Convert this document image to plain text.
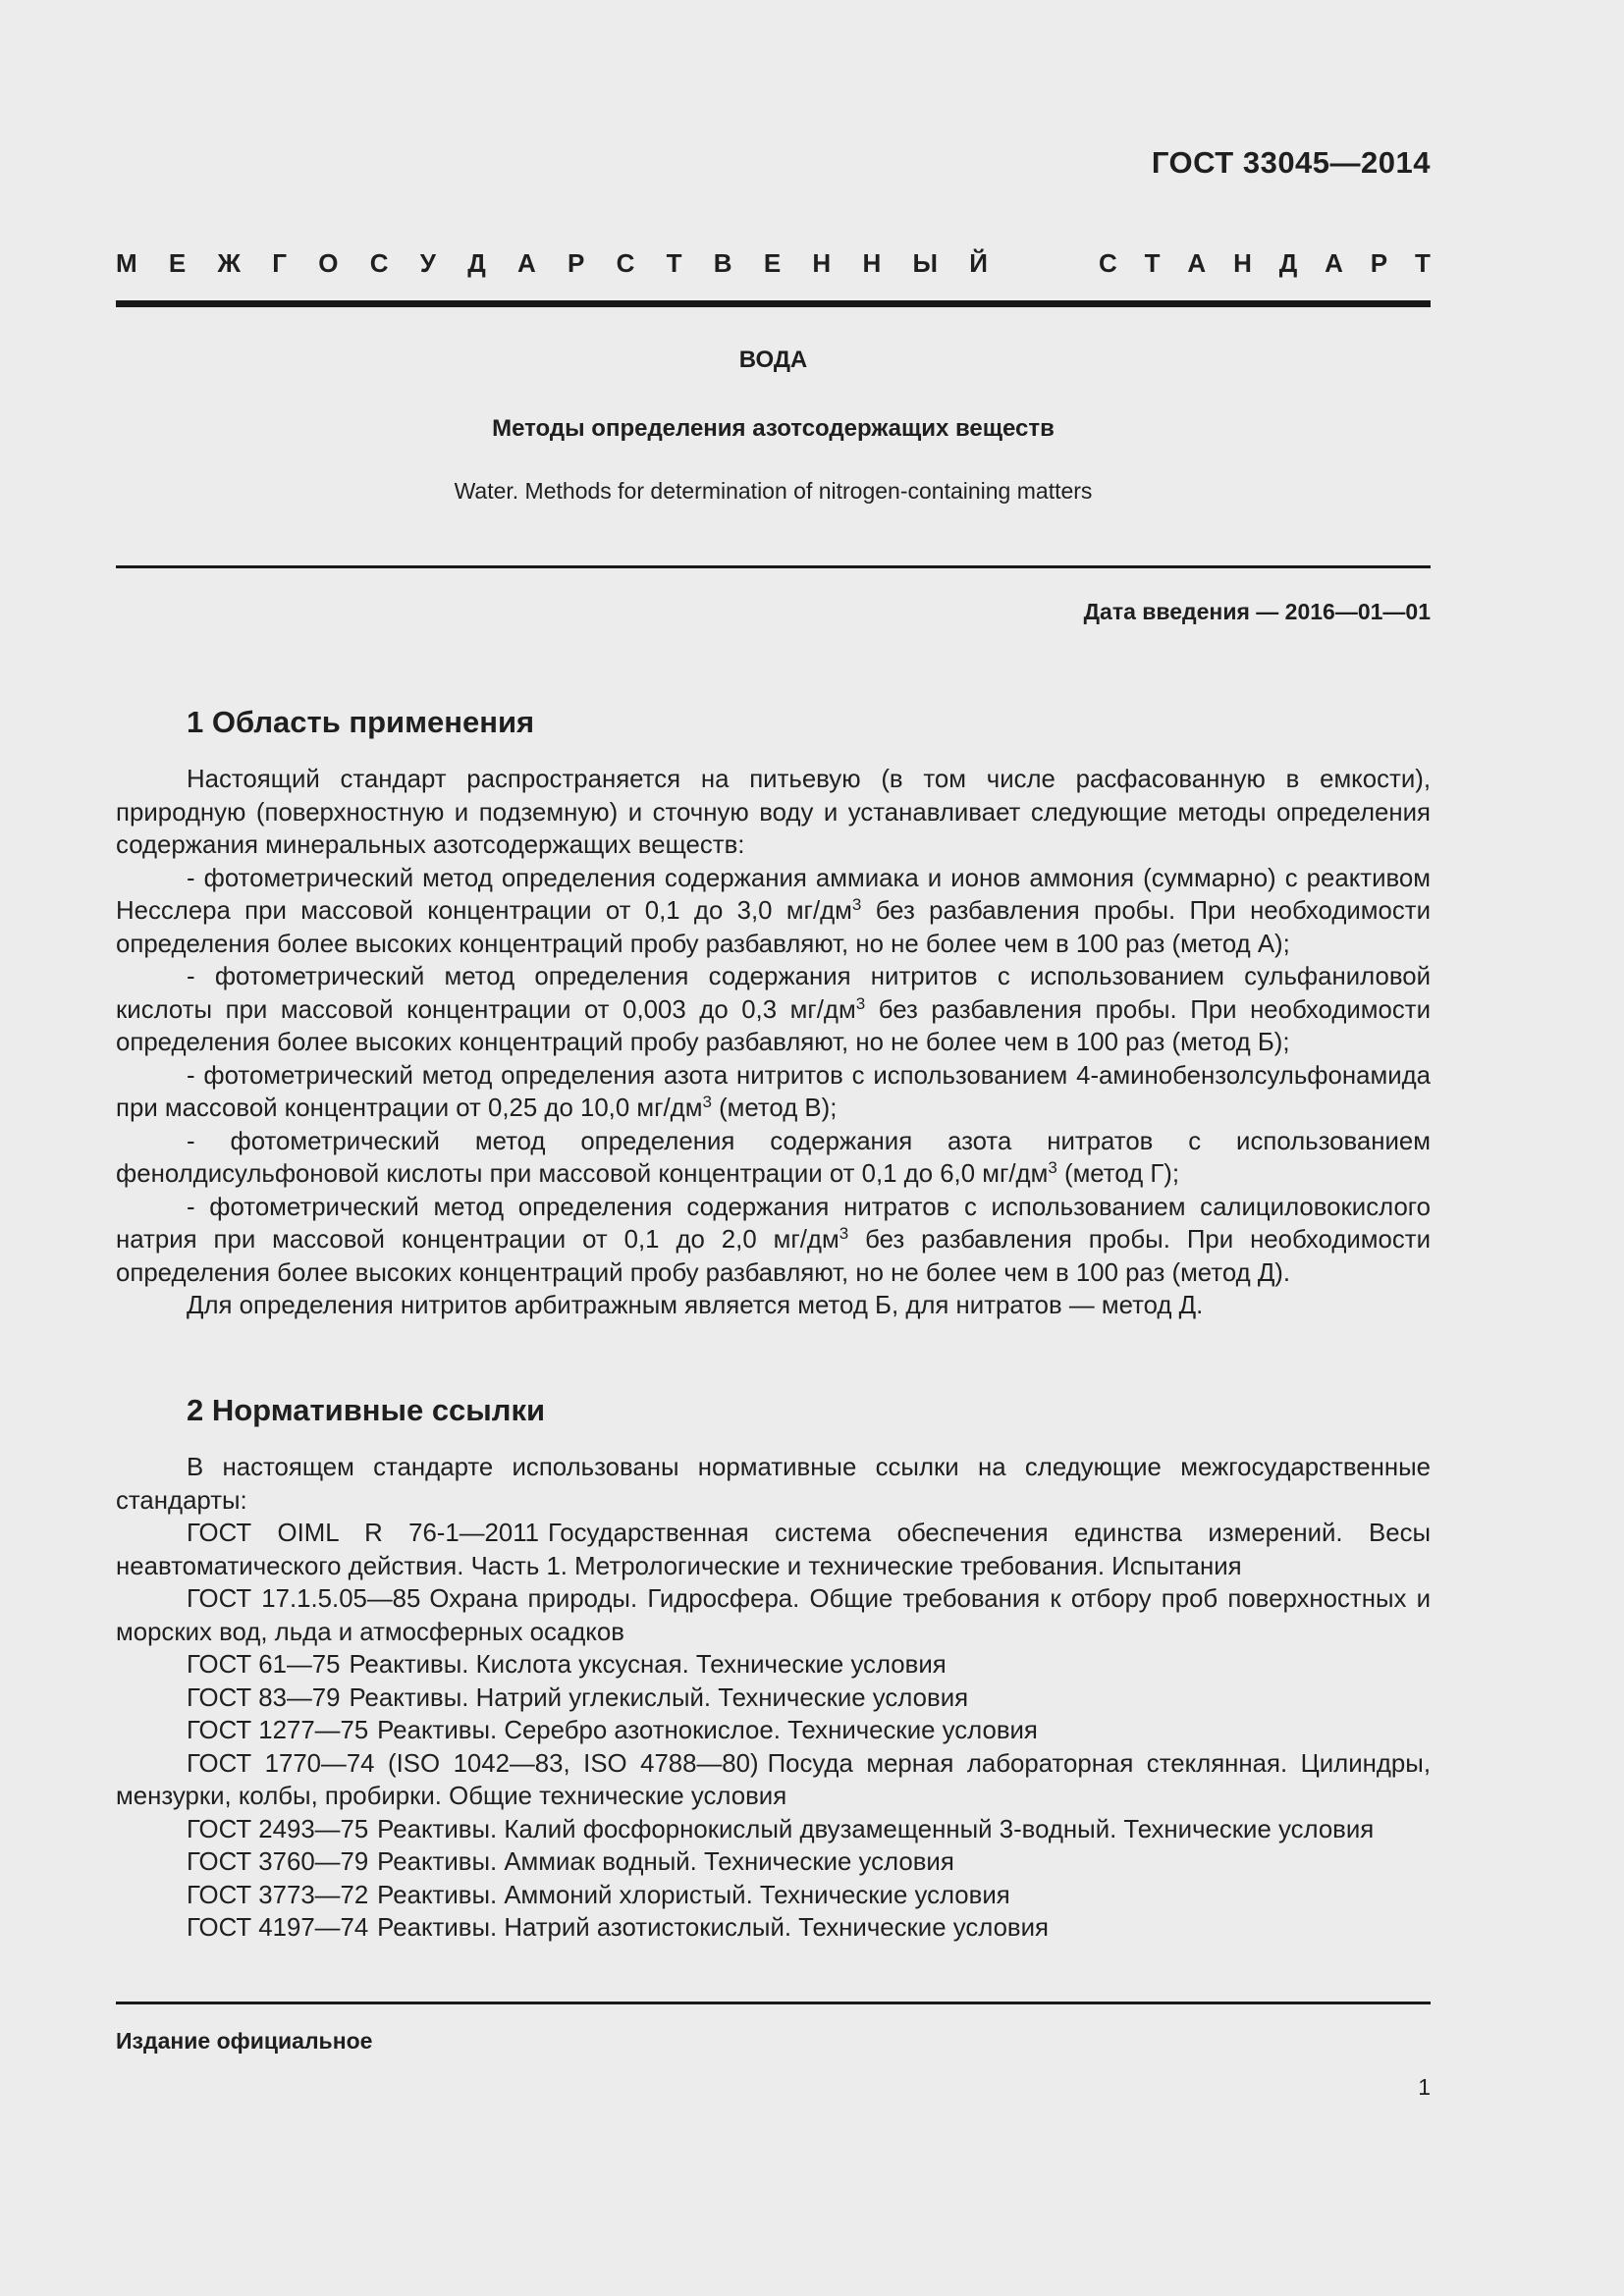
ГОСТ 33045—2014
М Е Ж Г О С У Д А Р С Т В Е Н Н Ы Й	С Т А Н Д А Р Т
ВОДА
Методы определения азотсодержащих веществ
Water. Methods for determination of nitrogen-containing matters
Дата введения — 2016—01—01
1 Область применения

Настоящий стандарт распространяется на питьевую (в том числе расфасованную в емкости), природную (поверхностную и подземную) и сточную воду и устанавливает следующие методы определения содержания минеральных азотсодержащих веществ:

- фотометрический метод определения содержания аммиака и ионов аммония (суммарно) с реактивом Несслера при массовой концентрации от 0,1 до 3,0 $мг/дм^3$ без разбавления пробы. При необходимости определения более высоких концентраций пробу разбавляют, но не более чем в 100 раз (метод А);

- фотометрический метод определения содержания нитритов с использованием сульфаниловой кислоты при массовой концентрации от 0,003 до 0,3 $мг/дм^3$ без разбавления пробы. При необходимости определения более высоких концентраций пробу разбавляют, но не более чем в 100 раз (метод Б);

- фотометрический метод определения азота нитритов с использованием 4-аминобензолсульфонамида при массовой концентрации от 0,25 до 10,0 $мг/дм^3$ (метод В);

- фотометрический метод определения содержания азота нитратов с использованием фенолдисульфоновой кислоты при массовой концентрации от 0,1 до 6,0 $мг/дм^3$ (метод Г);

- фотометрический метод определения содержания нитратов с использованием салициловокислого натрия при массовой концентрации от 0,1 до 2,0 $мг/дм^3$ без разбавления пробы. При необходимости определения более высоких концентраций пробу разбавляют, но не более чем в 100 раз (метод Д).

Для определения нитритов арбитражным является метод Б, для нитратов — метод Д.

2 Нормативные ссылки

В настоящем стандарте использованы нормативные ссылки на следующие межгосударственные стандарты:

ГОСТ OIML R 76-1—2011 Государственная система обеспечения единства измерений. Весы неавтоматического действия. Часть 1. Метрологические и технические требования. Испытания

ГОСТ 17.1.5.05—85 Охрана природы. Гидросфера. Общие требования к отбору проб поверхностных и морских вод, льда и атмосферных осадков

ГОСТ 61—75 Реактивы. Кислота уксусная. Технические условия

ГОСТ 83—79 Реактивы. Натрий углекислый. Технические условия

ГОСТ 1277—75 Реактивы. Серебро азотнокислое. Технические условия

ГОСТ 1770—74 (ISO 1042—83, ISO 4788—80) Посуда мерная лабораторная стеклянная. Цилиндры, мензурки, колбы, пробирки. Общие технические условия

ГОСТ 2493—75 Реактивы. Калий фосфорнокислый двузамещенный 3-водный. Технические условия

ГОСТ 3760—79 Реактивы. Аммиак водный. Технические условия

ГОСТ 3773—72 Реактивы. Аммоний хлористый. Технические условия

ГОСТ 4197—74 Реактивы. Натрий азотистокислый. Технические условия

Издание официальное
1
